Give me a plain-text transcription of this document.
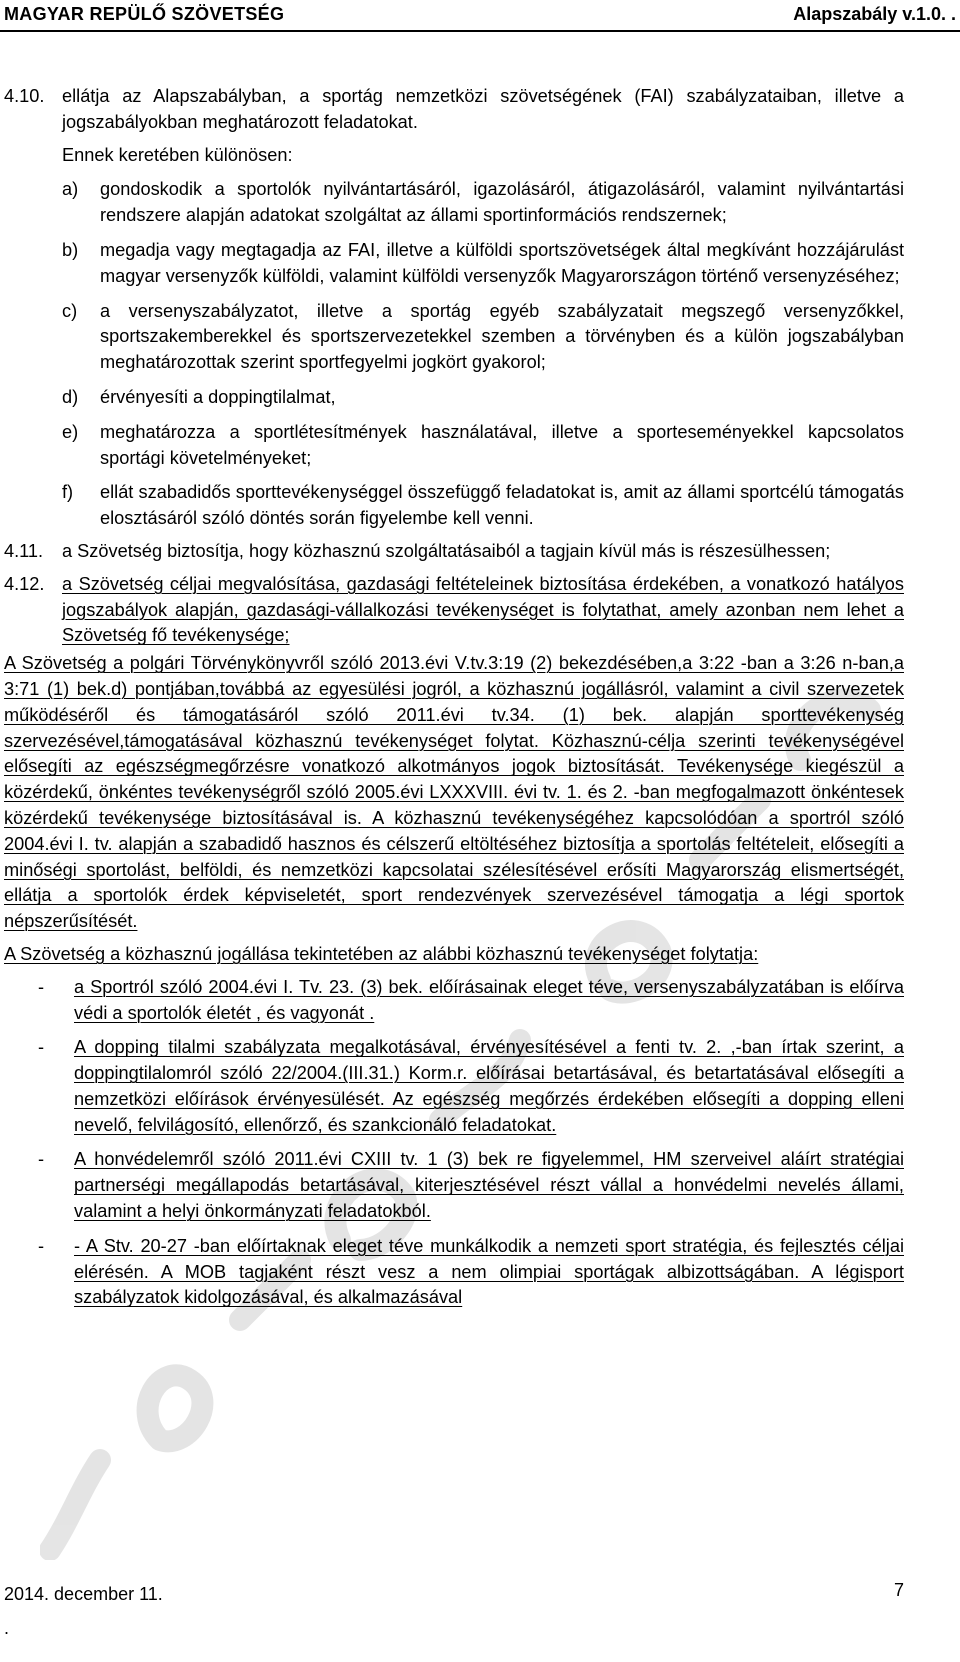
MAGYAR REPÜLŐ SZÖVETSÉG	Alapszabály v.1.0. .
4.10. ellátja az Alapszabályban, a sportág nemzetközi szövetségének (FAI) szabályzataiban, illetve a jogszabályokban meghatározott feladatokat.

Ennek keretében különösen:

a) gondoskodik a sportolók nyilvántartásáról, igazolásáról, átigazolásáról, valamint nyilvántartási rendszere alapján adatokat szolgáltat az állami sportinformációs rendszernek;

b) megadja vagy megtagadja az FAI, illetve a külföldi sportszövetségek által megkívánt hozzájárulást magyar versenyzők külföldi, valamint külföldi versenyzők Magyarországon történő versenyzéséhez;

c) a versenyszabályzatot, illetve a sportág egyéb szabályzatait megszegő versenyzőkkel, sportszakemberekkel és sportszervezetekkel szemben a törvényben és a külön jogszabályban meghatározottak szerint sportfegyelmi jogkört gyakorol;

d) érvényesíti a doppingtilalmat,

e) meghatározza a sportlétesítmények használatával, illetve a sporteseményekkel kapcsolatos sportági követelményeket;

f) ellát szabadidős sporttevékenységgel összefüggő feladatokat is, amit az állami sportcélú támogatás elosztásáról szóló döntés során figyelembe kell venni.

4.11. a Szövetség biztosítja, hogy közhasznú szolgáltatásaiból a tagjain kívül más is részesülhessen;

4.12. a Szövetség céljai megvalósítása, gazdasági feltételeinek biztosítása érdekében, a vonatkozó hatályos jogszabályok alapján, gazdasági-vállalkozási tevékenységet is folytathat, amely azonban nem lehet a Szövetség fő tevékenysége;

A Szövetség a polgári Törvénykönyvről szóló 2013.évi V.tv.3:19 (2) bekezdésében,a 3:22 -ban a 3:26 n-ban,a 3:71 (1) bek.d) pontjában,továbbá az egyesülési jogról, a közhasznú jogállásról, valamint a civil szervezetek működéséről és támogatásáról szóló 2011.évi tv.34. (1) bek. alapján sporttevékenység szervezésével,támogatásával közhasznú tevékenységet folytat. Közhasznú-célja szerinti tevékenységével elősegíti az egészségmegőrzésre vonatkozó alkotmányos jogok biztosítását. Tevékenysége kiegészül a közérdekű, önkéntes tevékenységről szóló 2005.évi LXXXVIII. évi tv. 1. és 2. -ban megfogalmazott önkéntesek közérdekű tevékenysége biztosításával is. A közhasznú tevékenységéhez kapcsolódóan a sportról szóló 2004.évi I. tv. alapján a szabadidő hasznos és célszerű eltöltéséhez biztosítja a sportolás feltételeit, elősegíti a minőségi sportolást, belföldi, és nemzetközi kapcsolatai szélesítésével erősíti Magyarország elismertségét, ellátja a sportolók érdek képviseletét, sport rendezvények szervezésével támogatja a légi sportok népszerűsítését.

A Szövetség a közhasznú jogállása tekintetében az alábbi közhasznú tevékenységet folytatja:

- a Sportról szóló 2004.évi I. Tv. 23. (3) bek. előírásainak eleget téve, versenyszabályzatában is előírva védi a sportolók életét , és vagyonát .

- A dopping tilalmi szabályzata megalkotásával, érvényesítésével a fenti tv. 2. ,-ban írtak szerint, a doppingtilalomról szóló 22/2004.(III.31.) Korm.r. előírásai betartásával, és betartatásával elősegíti a nemzetközi előírások érvényesülését. Az egészség megőrzés érdekében elősegíti a dopping elleni nevelő, felvilágosító, ellenőrző, és szankcionáló feladatokat.

- A honvédelemről szóló 2011.évi CXIII tv. 1 (3) bek re figyelemmel, HM szerveivel aláírt stratégiai partnerségi megállapodás betartásával, kiterjesztésével részt vállal a honvédelmi nevelés állami, valamint a helyi önkormányzati feladatokból.

- - A Stv. 20-27 -ban előírtaknak eleget téve munkálkodik a nemzeti sport stratégia, és fejlesztés céljai elérésén. A MOB tagjaként részt vesz a nem olimpiai sportágak albizottságában. A légisport szabályzatok kidolgozásával, és alkalmazásával

2014. december 11.	7
.
